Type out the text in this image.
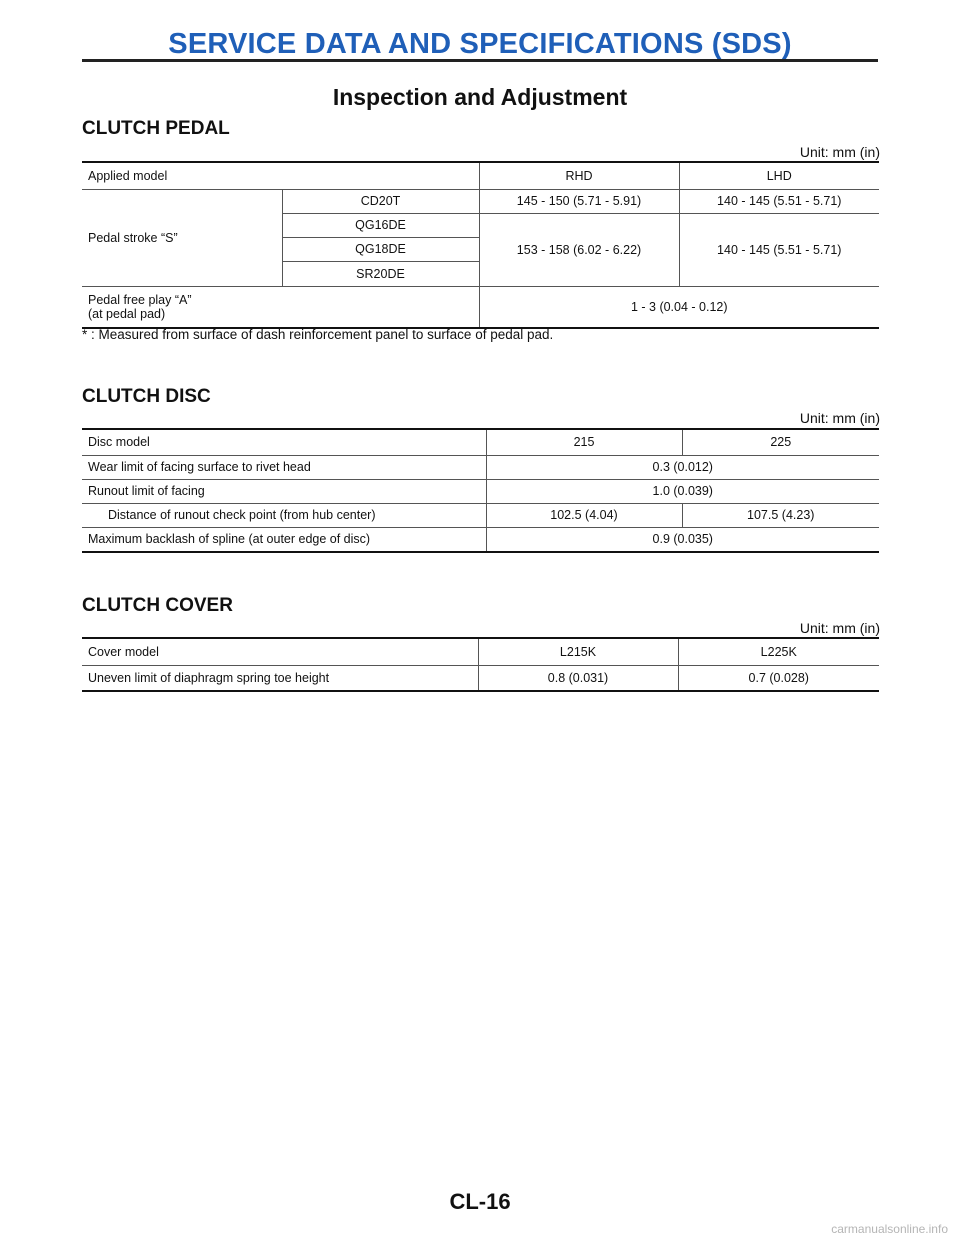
SERVICE DATA AND SPECIFICATIONS (SDS)
Inspection and Adjustment
CLUTCH PEDAL
Unit: mm (in)
Applied model		RHD	LHD
Pedal stroke “S”	CD20T	145 - 150 (5.71 - 5.91)	140 - 145 (5.51 - 5.71)
	QG16DE	153 - 158 (6.02 - 6.22)	140 - 145 (5.51 - 5.71)
	QG18DE		
	SR20DE		

Pedal free play “A”
(at pedal pad)		1 - 3 (0.04 - 0.12)	
* : Measured from surface of dash reinforcement panel to surface of pedal pad.
CLUTCH DISC
Unit: mm (in)
Disc model	215	225
Wear limit of facing surface to rivet head	0.3 (0.012)	
Runout limit of facing	1.0 (0.039)	
Distance of runout check point (from hub center)	102.5 (4.04)	107.5 (4.23)
Maximum backlash of spline (at outer edge of disc)	0.9 (0.035)	
CLUTCH COVER
Unit: mm (in)
Cover model	L215K	L225K
Uneven limit of diaphragm spring toe height	0.8 (0.031)	0.7 (0.028)
CL-16
carmanualsonline.info
